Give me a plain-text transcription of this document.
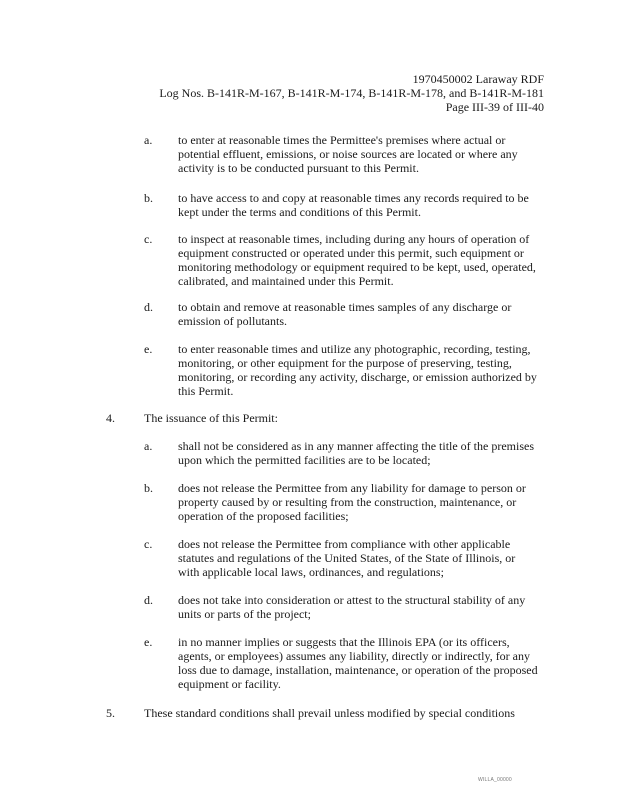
1970450002 Laraway RDF
Log Nos. B-141R-M-167, B-141R-M-174, B-141R-M-178, and B-141R-M-181
Page III-39 of III-40
a. to enter at reasonable times the Permittee's premises where actual or
potential effluent, emissions, or noise sources are located or where any
activity is to be conducted pursuant to this Permit.
b. to have access to and copy at reasonable times any records required to be
kept under the terms and conditions of this Permit.
c. to inspect at reasonable times, including during any hours of operation of
equipment constructed or operated under this permit, such equipment or
monitoring methodology or equipment required to be kept, used, operated,
calibrated, and maintained under this Permit.
d. to obtain and remove at reasonable times samples of any discharge or
emission of pollutants.
e. to enter reasonable times and utilize any photographic, recording, testing,
monitoring, or other equipment for the purpose of preserving, testing,
monitoring, or recording any activity, discharge, or emission authorized by
this Permit.
4. The issuance of this Permit:
a. shall not be considered as in any manner affecting the title of the premises
upon which the permitted facilities are to be located;
b. does not release the Permittee from any liability for damage to person or
property caused by or resulting from the construction, maintenance, or
operation of the proposed facilities;
c. does not release the Permittee from compliance with other applicable
statutes and regulations of the United States, of the State of Illinois, or
with applicable local laws, ordinances, and regulations;
d. does not take into consideration or attest to the structural stability of any
units or parts of the project;
e. in no manner implies or suggests that the Illinois EPA (or its officers,
agents, or employees) assumes any liability, directly or indirectly, for any
loss due to damage, installation, maintenance, or operation of the proposed
equipment or facility.
5. These standard conditions shall prevail unless modified by special conditions
WILLA_00000
